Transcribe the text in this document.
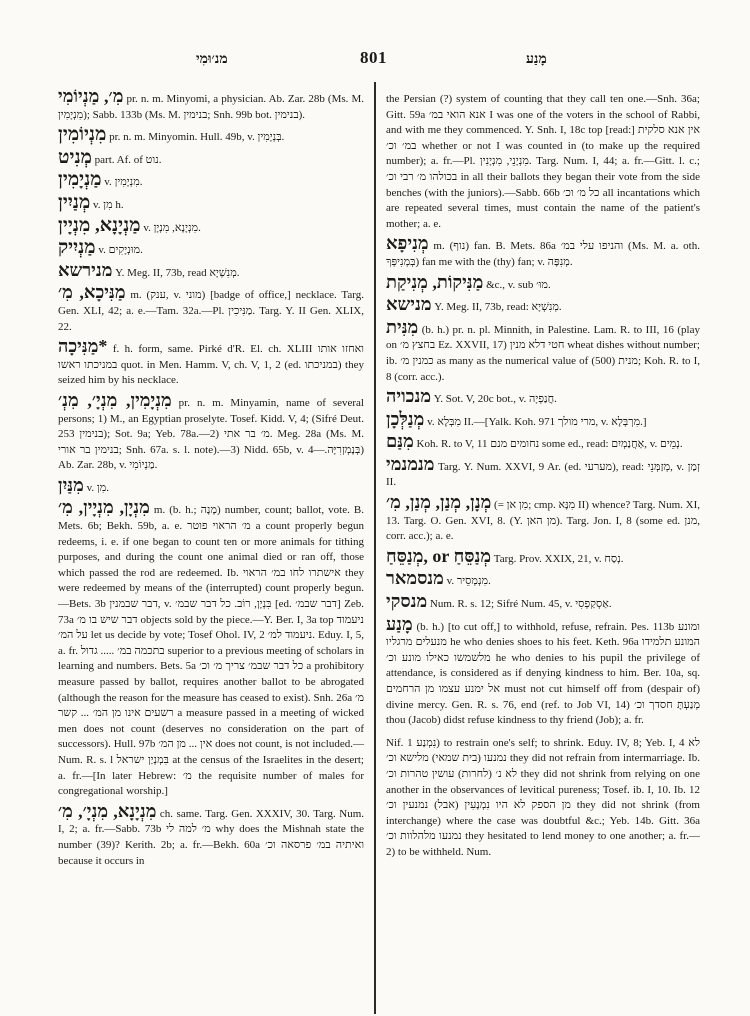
מנ׳וּמִי	801	מָנַע
מִ׳, מַנְיוֹמִי pr. n. m. Minyomi, a physician. Ab. Zar. 28b (Ms. M. מִנְיָמִין); Sabb. 133b (Ms. M. בנימין; Snh. 99b bot. בנימין).
מִנְיוֹמִין pr. n. m. Minyomin. Hull. 49b, v. בְּנְיָמִין.
מְנִיט part. Af. of נוט.
מַנְיָמִין v. מִנְיָמִין.
מְנַיִין v. מִן h.
מַנְיָנָא, מִנְיָין v. מִנְיָנָא, מִנְיָן.
מַנְיִיק v. מוּנְיָקִים.
מנירשא Y. Meg. II, 73b, read מְנִשְׁיָא.
מַנִּיכָא, מִ׳ m. (ענק, v. מוני) [badge of office,] necklace. Targ. Gen. XLI, 42; a. e.—Tam. 32a.—Pl. מַנִּיכִין. Targ. Y. II Gen. XLIX, 22.
מַנִּיכָה* f. h. form, same. Pirké d'R. El. ch. XLIII ואחזו אותו במניכתו ראשו quot. in Men. Hamm. V, ch. V, 1, 2 (ed. במניכתו) they seized him by his necklace.
מִנְיָמִין, מִנְיָ׳, מִנְ׳ pr. n. m. Minyamin, name of several persons; 1) M., an Egyptian proselyte. Tosef. Kidd. V, 4; (Sifré Deut. 253 בנימין); Sot. 9a; Yeb. 78a.—2) מ׳ בר אתי. Meg. 28a (Ms. M. בנימין בר אורי; Snh. 67a. s. l. note).—3) Nidd. 65b, v. בְּנָמְזְרִיָּה.—4) Ab. Zar. 28b, v. מַנְיוֹמִי.
מִנַּיִן v. מִן.
מִנְיָן, מִנְיָין, מִ׳ m. (b. h.; מָנָה) number, count; ballot, vote. B. Mets. 6b; Bekh. 59b, a. e. מ׳ הראוי פוטר a count properly begun redeems, i. e. if one began to count ten or more animals for tithing purposes, and during the count one animal died or ran off, those which passed the rod are redeemed. Ib. אישתרו לחו במ׳ הראוי they were redeemed by means of the (interrupted) count properly begun.—Bets. 3b דבר שבמנין, v. בִּנְיָן, רוֹב. כל דבר שבמ׳ [ed. דבר שבמ׳] Zeb. 73a דבר שיש בו מ׳ objects sold by the piece.—Y. Ber. I, 3a top ניעמוד על המ׳ let us decide by vote; Tosef Ohol. IV, 2 ניעמוד למ׳. Eduy. I, 5, a. fr. בתכמה במ׳ ..... גדול superior to a previous meeting of scholars in learning and numbers. Bets. 5a כל דבר שבמ׳ צריך מ׳ וכ׳ a prohibitory measure passed by ballot, requires another ballot to be abrogated (although the reason for the measure has ceased to exist). Snh. 26a מ׳ רשעים אינו מן המ׳ ... קשר a measure passed in a meeting of wicked men does not count (deserves no consideration on the part of successors). Hull. 97b אין ... מן המ׳ does not count, is not included.—Num. R. s. l בִּמְנְיַן ישראל at the census of the Israelites in the desert; a. fr.—[In later Hebrew: מ׳ the requisite number of males for congregational worship.]
מִנְיָנָא, מִנְיָ׳, מִ׳ ch. same. Targ. Gen. XXXIV, 30. Targ. Num. I, 2; a. fr.—Sabb. 73b מ׳ למה לי why does the Mishnah state the number (39)? Kerith. 2b; a. fr.—Bekh. 60a ואיתיה במ׳ פרסאה וכ׳ because it occurs in
the Persian (?) system of counting that they call ten one.—Snh. 36a; Gitt. 59a אנא הואי במ׳ I was one of the voters in the school of Rabbi, and with me they commenced. Y. Snh. I, 18c top [read:] אין אנא סלקית במ׳ וכ׳ whether or not I was counted in (to make up the required number); a. fr.—Pl. מִנְיָנֵי, מִנְיָנִין. Targ. Num. I, 44; a. fr.—Gitt. l. c.; בכולהו מ׳ רבי וכ׳ in all their ballots they began their vote from the side benches (with the juniors).—Sabb. 66b כל מ׳ וכ׳ all incantations which are repeated several times, must contain the name of the patient's mother; a. e.
מְנִיפָא m. (נוף) fan. B. Mets. 86a והניפו עלי במ׳ (Ms. M. a. oth. בְּמְנִיפְּךָ) fan me with the (thy) fan; v. מְנִפָּה.
מַנִּיקוֹת, מְנִיקַת &c., v. sub מוּ׳.
מנישא Y. Meg. II, 73b, read: מְנִשְׁיָא.
מִנִּית (b. h.) pr. n. pl. Minnith, in Palestine. Lam. R. to III, 16 (play on בחצץ מ׳ Ez. XXVII, 17) חטי דלא מנין wheat dishes without number; ib. כמנין מ׳ as many as the numerical value of מנית (500); Koh. R. to I, 8 (corr. acc.).
מנכויה Y. Sot. V, 20c bot., v. חֲנַפְיָה.
מְנַלְּכָן v. מִבְּלָא II.—[Yalk. Koh. 971 מרי מולך, v. מִרְבְּלָא.]
מִנַּם Koh. R. to V, 11 נחומים מנם some ed., read: אַחֲנַמְיִם, v. נְמֵים.
מנמנמי Targ. Y. Num. XXVI, 9 Ar. (ed. מערעי), read: מְזַמְּנֵי, v. זְמַן II.
מְנָן, מְנַן, מְנַן, מִ׳ (= מִן אן; cmp. מִנָּא II) whence? Targ. Num. XI, 13. Targ. O. Gen. XVI, 8. (Y. מן האן). Targ. Jon. I, 8 (some ed. מנן, corr. acc.); a. e.
מְנַסֵּחַ, or מְנַסֵּחַ Targ. Prov. XXIX, 21, v. נְסַח.
מנסמאר v. מִנְמְסֵיר.
מנסקי Num. R. s. 12; Sifré Num. 45, v. אַסְקַפְסִי.
מָנַע (b. h.) [to cut off,] to withhold, refuse, refrain. Pes. 113b ומונע מנעלים מרגליו he who denies shoes to his feet. Keth. 96a המונע תלמידו מלשמשו כאילו מונע וכ׳ he who denies to his pupil the privilege of attendance, is considered as if denying kindness to him. Ber. 10a, sq. אל ימנע עצמו מן הרחמים must not cut himself off from (despair of) divine mercy. Gen. R. s. 76, end (ref. to Job VI, 14) מְנַעְתָּ חסדך וכ׳ thou (Jacob) didst refuse kindness to thy friend (Job); a. fr.
Nif. נִמְנַע 1) to restrain one's self; to shrink. Eduy. IV, 8; Yeb. I, 4 לא נמנעו (בית שמאי) מלישא וכ׳ they did not refrain from intermarriage. Ib. לא נ׳ (לחרות) עושין טהרות וכ׳ they did not shrink from relying on one another in the observances of levitical pureness; Tosef. ib. I, 10. Ib. 12 מן הספק לא היו נִמְנָעִין (אבל) נמנעין וכ׳ they did not shrink (from interchange) where the case was doubtful &c.; Yeb. 14b. Gitt. 36a נמנעו מלהלוות וכ׳ they hesitated to lend money to one another; a. fr.—2) to be withheld. Num.
